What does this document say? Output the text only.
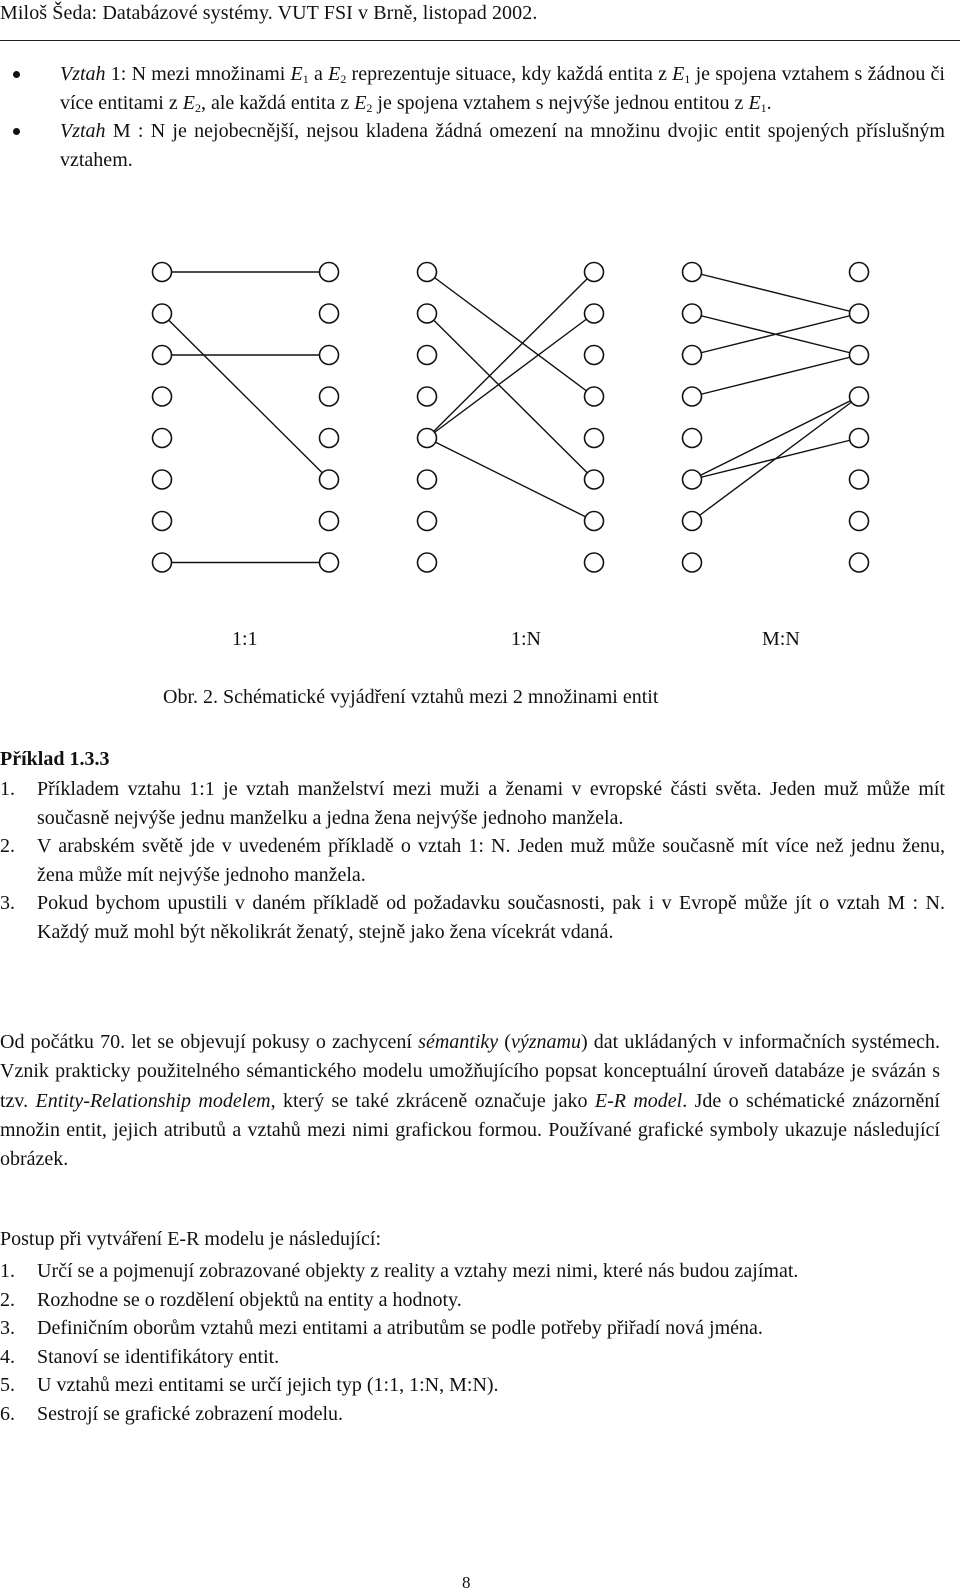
Miloš Šeda: Databázové systémy. VUT FSI v Brně, listopad 2002.
Vztah 1: N mezi množinami $E_1$ a $E_2$ reprezentuje situace, kdy každá entita z $E_1$ je spojena vztahem s žádnou či více entitami z $E_2$, ale každá entita z $E_2$ je spojena vztahem s nejvýše jednou entitou z $E_1$.
Vztah M : N je nejobecnější, nejsou kladena žádná omezení na množinu dvojic entit spojených příslušným vztahem.
1:1	1:N	M:N
Obr. 2. Schématické vyjádření vztahů mezi 2 množinami entit
Příklad 1.3.3
1. Příkladem vztahu 1:1 je vztah manželství mezi muži a ženami v evropské části světa. Jeden muž může mít současně nejvýše jednu manželku a jedna žena nejvýše jednoho manžela.
2. V arabském světě jde v uvedeném příkladě o vztah 1: N. Jeden muž může současně mít více než jednu ženu, žena může mít nejvýše jednoho manžela.
3. Pokud bychom upustili v daném příkladě od požadavku současnosti, pak i v Evropě může jít o vztah M : N. Každý muž mohl být několikrát ženatý, stejně jako žena vícekrát vdaná.
Od počátku 70. let se objevují pokusy o zachycení sémantiky (významu) dat ukládaných v informačních systémech. Vznik prakticky použitelného sémantického modelu umožňujícího popsat konceptuální úroveň databáze je svázán s tzv. Entity-Relationship modelem, který se také zkráceně označuje jako E-R model. Jde o schématické znázornění množin entit, jejich atributů a vztahů mezi nimi grafickou formou. Používané grafické symboly ukazuje následující obrázek.
Postup při vytváření E-R modelu je následující:
1. Určí se a pojmenují zobrazované objekty z reality a vztahy mezi nimi, které nás budou zajímat.
2. Rozhodne se o rozdělení objektů na entity a hodnoty.
3. Definičním oborům vztahů mezi entitami a atributům se podle potřeby přiřadí nová jména.
4. Stanoví se identifikátory entit.
5. U vztahů mezi entitami se určí jejich typ (1:1, 1:N, M:N).
6. Sestrojí se grafické zobrazení modelu.
8
